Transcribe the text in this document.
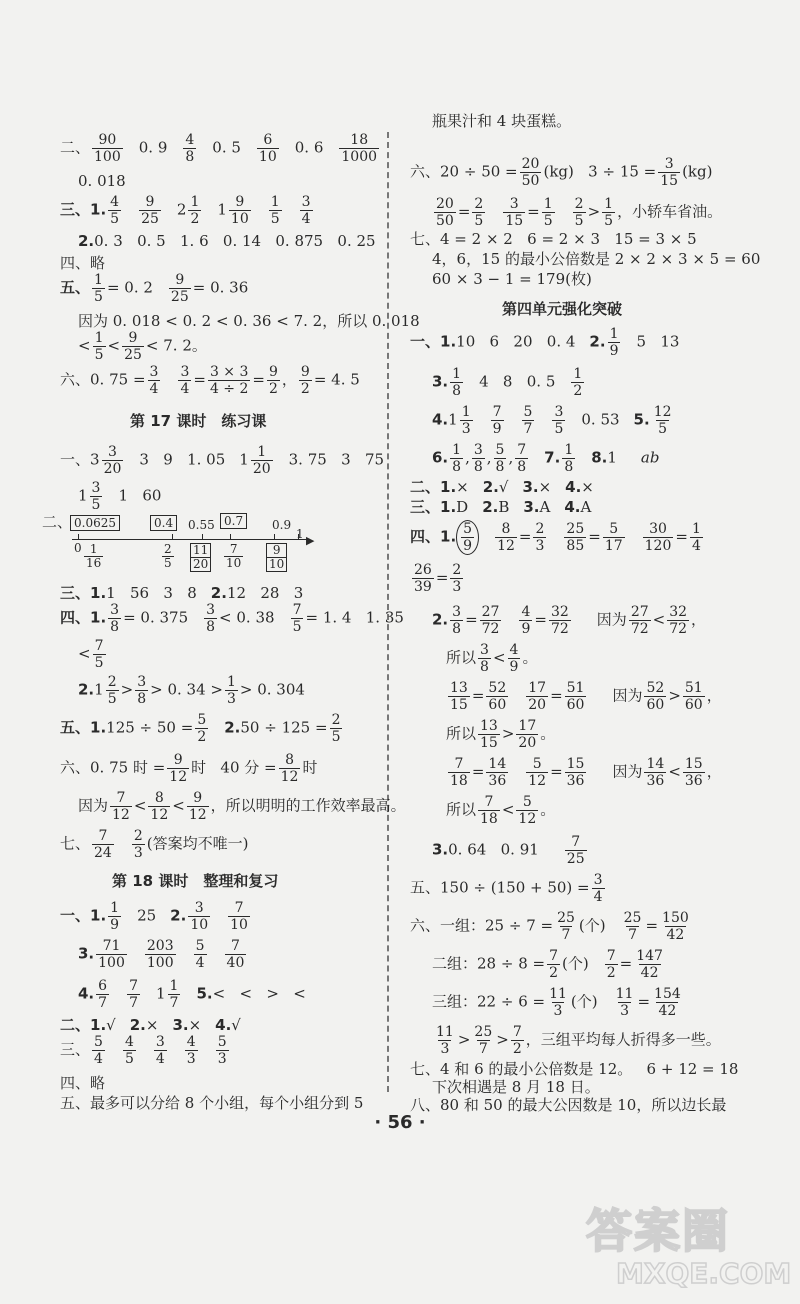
二、 $\frac{90}{100} 0$. $9 \frac{4}{8} 0$. $5 \frac{6}{10} 0$. $6 \frac{18}{1000}$
0. 018
三、1. $\frac{4}{5} \frac{9}{25} 2 \frac{1}{2} 1 \frac{9}{10} \frac{1}{5} \frac{3}{4}$
2.0. 3   0. 5   1. 6   0. 14   0. 875   0. 25
四、略
五、 $\frac{1}{5} = 0$. $2 \frac{9}{25} = 0$. 36
因为 0. 018 < 0. 2 < 0. 36 < 7. 2，所以 0. 018
< $\frac{1}{5} < \frac{9}{25} < 7$. 2。
六、0. $75 = \frac{3}{4} \frac{3}{4} = \frac{3 \times 3}{4 \div 2} = \frac{9}{2}$ ， $\frac{9}{2} = 4$. 5
第 17 课时　练习课
一、$3 \frac{3}{20} 3$   9   1. 05 $1 \frac{1}{20} 3$. 75   3   75
$1 \frac{3}{5} 1$   60
二、 0.0625	0.4	0.55 0.7	0.9
▶
$0 \frac{1}{16}$	$\frac{2}{5} \frac{11}{20} \frac{7}{10} \frac{9}{10}$
1
三、1.1   56   3   8 2.12   28   3
四、1. $\frac{3}{8} = 0$. $375 \frac{3}{8} < 0$. $38 \frac{7}{5} = 1$. 4   1. 35
< $\frac{7}{5}$
$2.1 \frac{2}{5} > \frac{3}{8} > 0$. $34 > \frac{1}{3} > 0$. 304
五、$1.125 \div 50 = \frac{5}{2} 2.50 \div 125 = \frac{2}{5}$
六、0. 75 时 = $\frac{9}{12}$ 时   40 分 = $\frac{8}{12}$ 时
因为 $\frac{7}{12} < \frac{8}{12} < \frac{9}{12}$ ，所以明明的工作效率最高。
七、 $\frac{7}{24} \frac{2}{3}$ (答案均不唯一)
第 18 课时　整理和复习
一、1. $\frac{1}{9} 25$ 2. $\frac{3}{10} \frac{7}{10}$
3. $\frac{71}{100} \frac{203}{100} \frac{5}{4} \frac{7}{40}$
4. $\frac{6}{7} \frac{7}{7} 1 \frac{1}{7} 5.<$   <   >   <
二、1.√ 2.× 3.× 4.√
三、 $\frac{5}{4} \frac{4}{5} \frac{3}{4} \frac{4}{3} \frac{5}{3}$
四、略
五、最多可以分给 8 个小组，每个小组分到 5
瓶果汁和 4 块蛋糕。
六、$20 \div 50 = \frac{20}{50} (kg) 3 \div 15 = \frac{3}{15} (kg)$
$\frac{20}{50} = \frac{2}{5} \frac{3}{15} = \frac{1}{5} \frac{2}{5} > \frac{1}{5}$ ，小轿车省油。
七、4 = 2 × 2   6 = 2 × 3   15 = 3 × 5
4，6，15 的最小公倍数是 2 × 2 × 3 × 5 = 60
60 × 3 − 1 = 179(枚)
第四单元强化突破
一、1.10   6   20   0. 4 2. $\frac{1}{9} 5$   13
3. $\frac{1}{8} 4$   8   0. $5 \frac{1}{2}$
$4.1 \frac{1}{3} \frac{7}{9} \frac{5}{7} \frac{3}{5} 0$. 53 5. $\frac{12}{5}$
6. $\frac{1}{8}$ , $\frac{3}{8}$ , $\frac{5}{8}$ , $\frac{7}{8} 7$. $\frac{1}{8} 8.1$ ab
二、1.× 2.√ 3.× 4.×
三、1.D 2.B 3.A 4.A
四、1. $\frac{5}{9} \frac{8}{12} = \frac{2}{3} \frac{25}{85} = \frac{5}{17} \frac{30}{120} = \frac{1}{4}$
$\frac{26}{39} = \frac{2}{3}$
2. $\frac{3}{8} = \frac{27}{72} \frac{4}{9} = \frac{32}{72}$ 因为 $\frac{27}{72} < \frac{32}{72}$ ，
所以 $\frac{3}{8} < \frac{4}{9}$ 。
$\frac{13}{15} = \frac{52}{60} \frac{17}{20} = \frac{51}{60}$ 因为 $\frac{52}{60} > \frac{51}{60}$ ，
所以 $\frac{13}{15} > \frac{17}{20}$ 。
$\frac{7}{18} = \frac{14}{36} \frac{5}{12} = \frac{15}{36}$ 因为 $\frac{14}{36} < \frac{15}{36}$ ，
所以 $\frac{7}{18} < \frac{5}{12}$ 。
3.0. 64   0. $91 \frac{7}{25}$
五、$150 \div (150 + 50) = \frac{3}{4}$
六、一组：$25 \div 7 = \frac{25}{7}$ (个) $\frac{25}{7} = \frac{150}{42}$
二组：$28 \div 8 = \frac{7}{2}$ (个) $\frac{7}{2} = \frac{147}{42}$
三组：$22 \div 6 = \frac{11}{3}$ (个) $\frac{11}{3} = \frac{154}{42}$
$\frac{11}{3} > \frac{25}{7} > \frac{7}{2}$ ，三组平均每人折得多一些。
七、4 和 6 的最小公倍数是 12。   6 + 12 = 18
下次相遇是 8 月 18 日。
八、80 和 50 的最大公因数是 10，所以边长最
· 56 ·
答案圈
MXQE.COM
